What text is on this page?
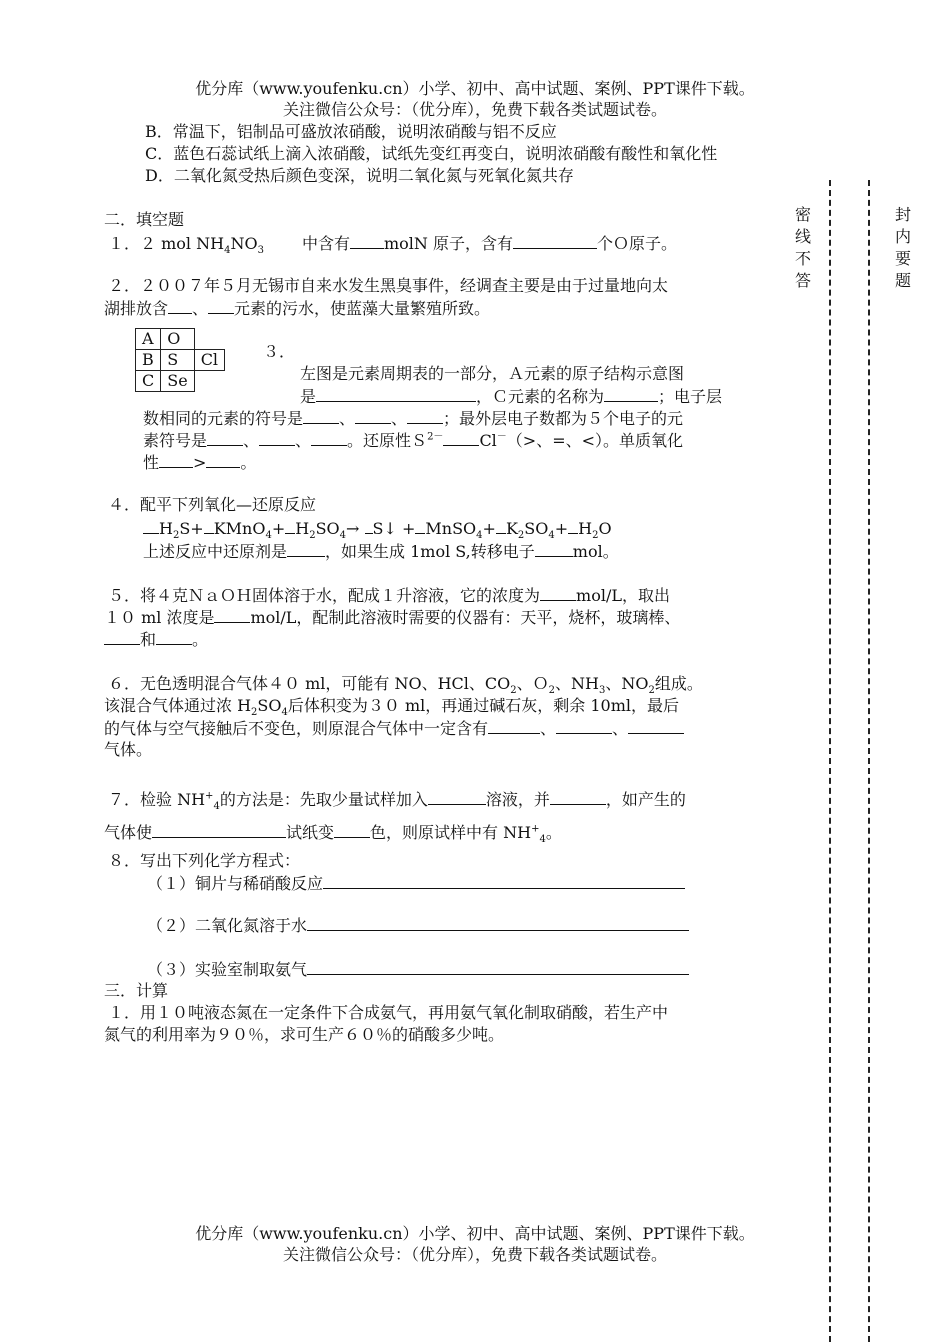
优分库（www.youfenku.cn）小学、初中、高中试题、案例、PPT课件下载。
关注微信公众号：（优分库），免费下载各类试题试卷。
B．常温下，铝制品可盛放浓硝酸，说明浓硝酸与铝不反应
C．蓝色石蕊试纸上滴入浓硝酸，试纸先变红再变白，说明浓硝酸有酸性和氧化性
D．二氧化氮受热后颜色变深，说明二氧化氮与死氧化氮共存
密线不答
封内要题
二．填空题
１．２ mol $NH_4NO_3$ 中含有 molN 原子，含有	个Ｏ原子。
２．２００７年５月无锡市自来水发生黑臭事件，经调查主要是由于过量地向太
湖排放含 、 元素的污水，使蓝藻大量繁殖所致。
A	O	
B	S	Cl
C	Se	
３．
左图是元素周期表的一部分，Ａ元素的原子结构示意图
是	，Ｃ元素的名称为	；电子层
数相同的元素的符号是 、 、 ；最外层电子数都为５个电子的元
素符号是 、 、 。还原性Ｓ$^{2-}$ Cl－（>、=、<）。单质氧化
性 > 。
４．配平下列氧化—还原反应
$H_2S+$ KMnO$_4$+ $H_2SO_4\to$ S↓ + MnSO$_4$+ $K_2SO_4+ H_2O$
上述反应中还原剂是 ，如果生成 1mol S,转移电子 mol。
５．将４克ＮａＯＨ固体溶于水，配成１升溶液，它的浓度为 mol/L，取出
１０ ml 浓度是 mol/L，配制此溶液时需要的仪器有：天平，烧杯，玻璃棒、
和 。
６．无色透明混合气体４０ ml，可能有 NO、HCl、$CO_2$、Ｏ$_2$、$NH_3$、$NO_2$组成。
该混合气体通过浓 $H_2SO_4$后体积变为３０ ml，再通过碱石灰，剩余 10ml，最后
的气体与空气接触后不变色，则原混合气体中一定含有	、	、
气体。
７．检验 $NH^+_4$的方法是：先取少量试样加入	溶液，并	，如产生的
气体使	试纸变 色，则原试样中有 $NH^+_4$。
８．写出下列化学方程式：
（１）铜片与稀硝酸反应
（２）二氧化氮溶于水
（３）实验室制取氨气
三．计算
１．用１０吨液态氮在一定条件下合成氨气，再用氨气氧化制取硝酸，若生产中
氮气的利用率为９０％，求可生产６０％的硝酸多少吨。
优分库（www.youfenku.cn）小学、初中、高中试题、案例、PPT课件下载。
关注微信公众号：（优分库），免费下载各类试题试卷。
